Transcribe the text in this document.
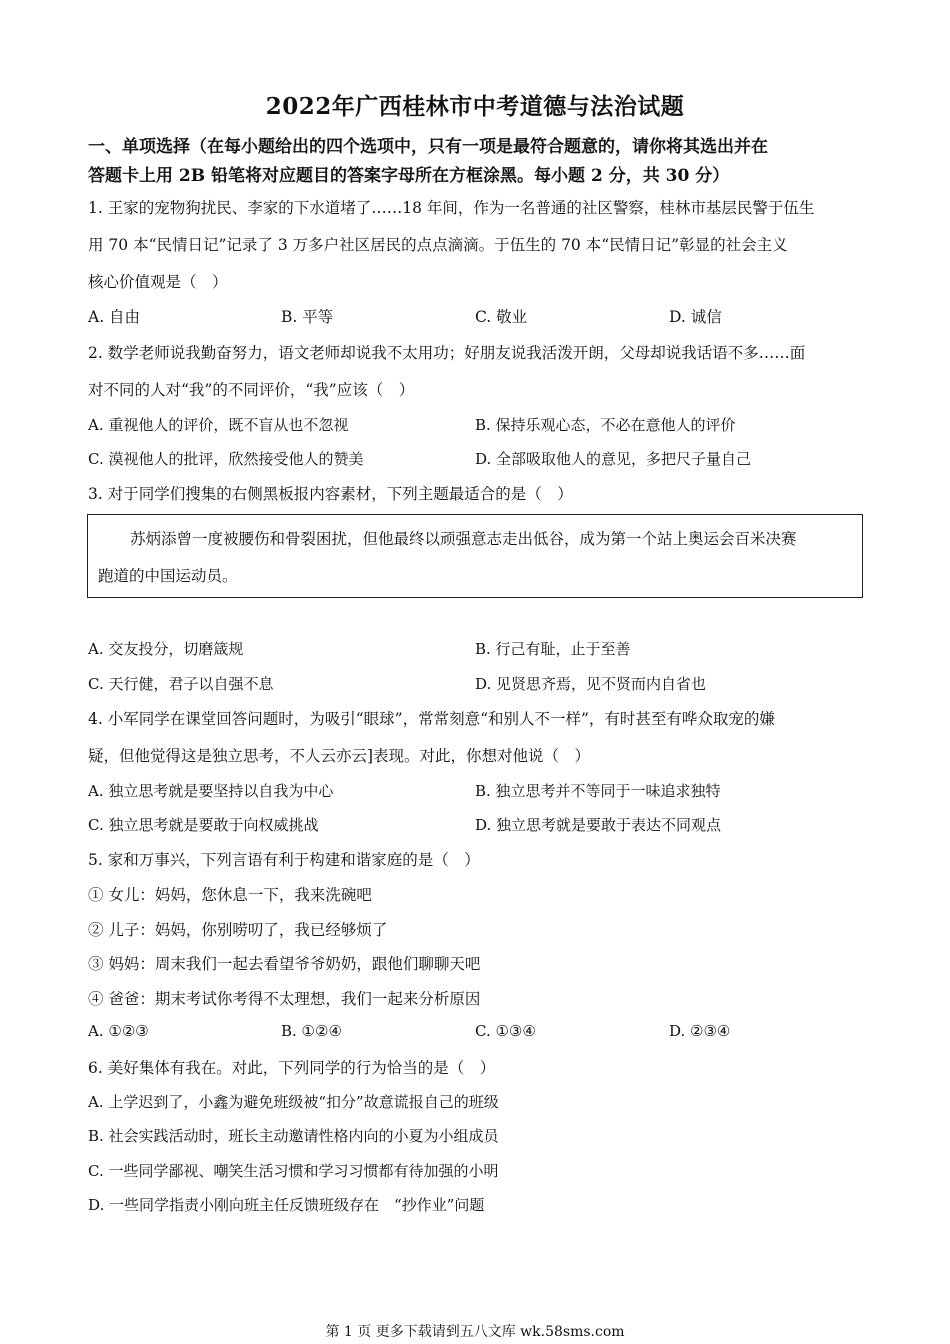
2022年广西桂林市中考道德与法治试题
一、单项选择（在每小题给出的四个选项中，只有一项是最符合题意的，请你将其选出并在
答题卡上用 2B 铅笔将对应题目的答案字母所在方框涂黑。每小题 2 分，共 30 分）
1. 王家的宠物狗扰民、李家的下水道堵了……18 年间，作为一名普通的社区警察，桂林市基层民警于伍生
用 70 本“民情日记”记录了 3 万多户社区居民的点点滴滴。于伍生的 70 本“民情日记”彰显的社会主义
核心价值观是（　）
A. 自由	B. 平等	C. 敬业	D. 诚信
2. 数学老师说我勤奋努力，语文老师却说我不太用功；好朋友说我活泼开朗，父母却说我话语不多……面
对不同的人对“我”的不同评价，“我”应该（　）
A. 重视他人的评价，既不盲从也不忽视	B. 保持乐观心态，不必在意他人的评价
C. 漠视他人的批评，欣然接受他人的赞美	D. 全部吸取他人的意见，多把尺子量自己
3. 对于同学们搜集的右侧黑板报内容素材，下列主题最适合的是（　）
苏炳添曾一度被腰伤和骨裂困扰，但他最终以顽强意志走出低谷，成为第一个站上奥运会百米决赛
跑道的中国运动员。
A. 交友投分，切磨箴规	B. 行己有耻，止于至善
C. 天行健，君子以自强不息	D. 见贤思齐焉，见不贤而内自省也
4. 小军同学在课堂回答问题时，为吸引“眼球”，常常刻意“和别人不一样”，有时甚至有哗众取宠的嫌
疑，但他觉得这是独立思考，不人云亦云]表现。对此，你想对他说（　）
A. 独立思考就是要坚持以自我为中心	B. 独立思考并不等同于一味追求独特
C. 独立思考就是要敢于向权威挑战	D. 独立思考就是要敢于表达不同观点
5. 家和万事兴，下列言语有利于构建和谐家庭的是（　）
① 女儿：妈妈，您休息一下，我来洗碗吧
② 儿子：妈妈，你别唠叨了，我已经够烦了
③ 妈妈：周末我们一起去看望爷爷奶奶，跟他们聊聊天吧
④ 爸爸：期末考试你考得不太理想，我们一起来分析原因
A. ①②③	B. ①②④	C. ①③④	D. ②③④
6. 美好集体有我在。对此，下列同学的行为恰当的是（　）
A. 上学迟到了，小鑫为避免班级被“扣分”故意谎报自己的班级
B. 社会实践活动时，班长主动邀请性格内向的小夏为小组成员
C. 一些同学鄙视、嘲笑生活习惯和学习习惯都有待加强的小明
D. 一些同学指责小刚向班主任反馈班级存在　“抄作业”问题
第 1 页 更多下载请到五八文库 wk.58sms.com
